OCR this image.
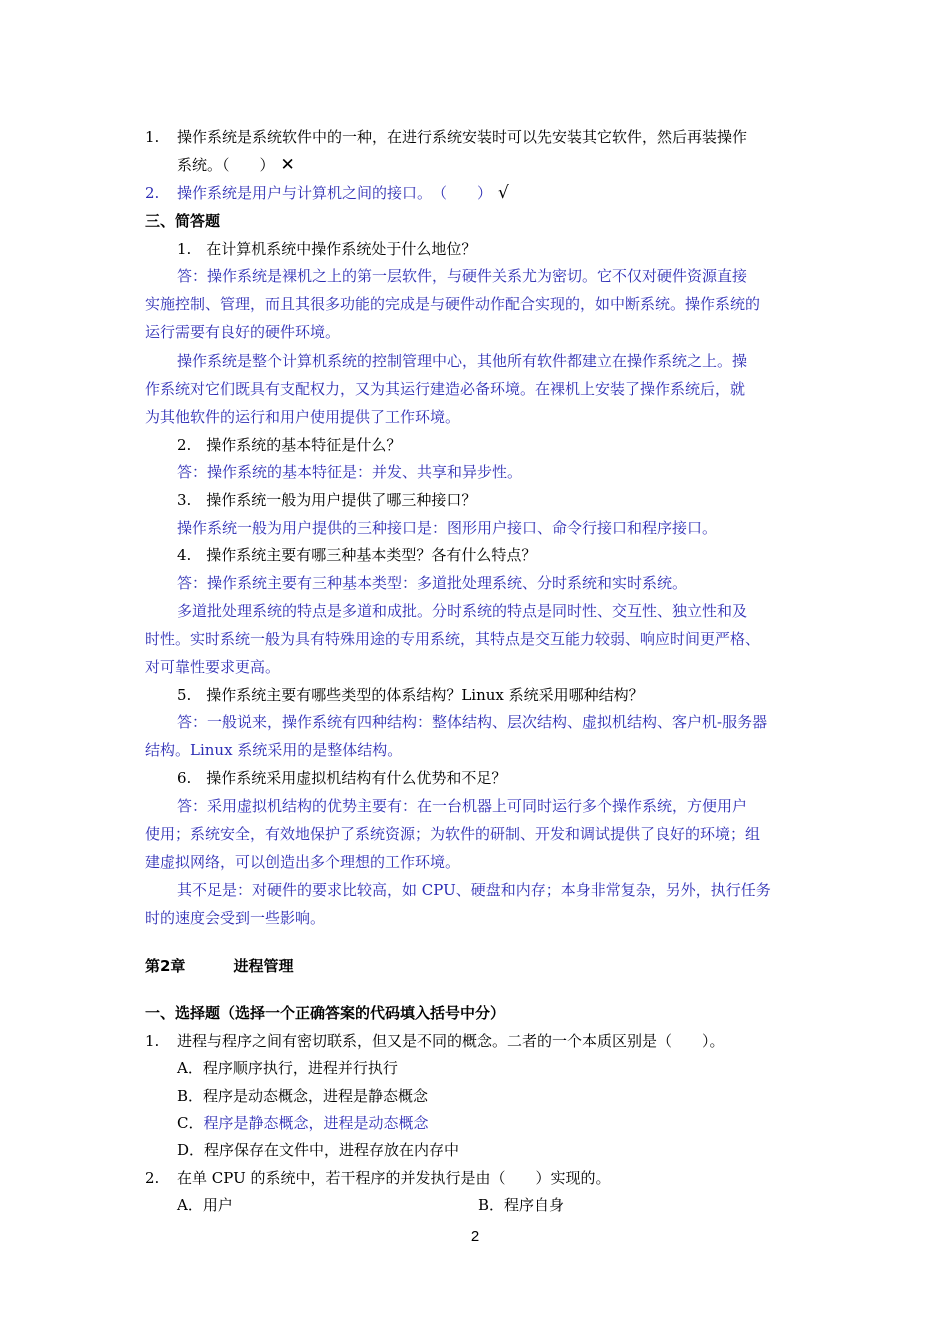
1. 操作系统是系统软件中的一种，在进行系统安装时可以先安装其它软件，然后再装操作
系统。（　　） ✕
2. 操作系统是用户与计算机之间的接口。　（　　） √
三、简答题
1.　在计算机系统中操作系统处于什么地位？
答：操作系统是裸机之上的第一层软件，与硬件关系尤为密切。它不仅对硬件资源直接
实施控制、管理，而且其很多功能的完成是与硬件动作配合实现的，如中断系统。操作系统的
运行需要有良好的硬件环境。
操作系统是整个计算机系统的控制管理中心，其他所有软件都建立在操作系统之上。操
作系统对它们既具有支配权力，又为其运行建造必备环境。在裸机上安装了操作系统后，就
为其他软件的运行和用户使用提供了工作环境。
2.　操作系统的基本特征是什么？
答：操作系统的基本特征是：并发、共享和异步性。
3.　操作系统一般为用户提供了哪三种接口？
操作系统一般为用户提供的三种接口是：图形用户接口、命令行接口和程序接口。
4.　操作系统主要有哪三种基本类型？各有什么特点？
答：操作系统主要有三种基本类型：多道批处理系统、分时系统和实时系统。
多道批处理系统的特点是多道和成批。分时系统的特点是同时性、交互性、独立性和及
时性。实时系统一般为具有特殊用途的专用系统，其特点是交互能力较弱、响应时间更严格、
对可靠性要求更高。
5.　操作系统主要有哪些类型的体系结构？Linux 系统采用哪种结构？
答：一般说来，操作系统有四种结构：整体结构、层次结构、虚拟机结构、客户机-服务器
结构。Linux 系统采用的是整体结构。
6.　操作系统采用虚拟机结构有什么优势和不足？
答：采用虚拟机结构的优势主要有：在一台机器上可同时运行多个操作系统，方便用户
使用；系统安全，有效地保护了系统资源；为软件的研制、开发和调试提供了良好的环境；组
建虚拟网络，可以创造出多个理想的工作环境。
其不足是：对硬件的要求比较高，如 CPU、硬盘和内存；本身非常复杂，另外，执行任务
时的速度会受到一些影响。
第2章	进程管理
一、选择题（选择一个正确答案的代码填入括号中分）
1. 进程与程序之间有密切联系，但又是不同的概念。二者的一个本质区别是（　　）。
A．程序顺序执行，进程并行执行
B．程序是动态概念，进程是静态概念
C．程序是静态概念，进程是动态概念
D．程序保存在文件中，进程存放在内存中
2. 在单 CPU 的系统中，若干程序的并发执行是由（　　）实现的。
A．用户	B．程序自身
2
